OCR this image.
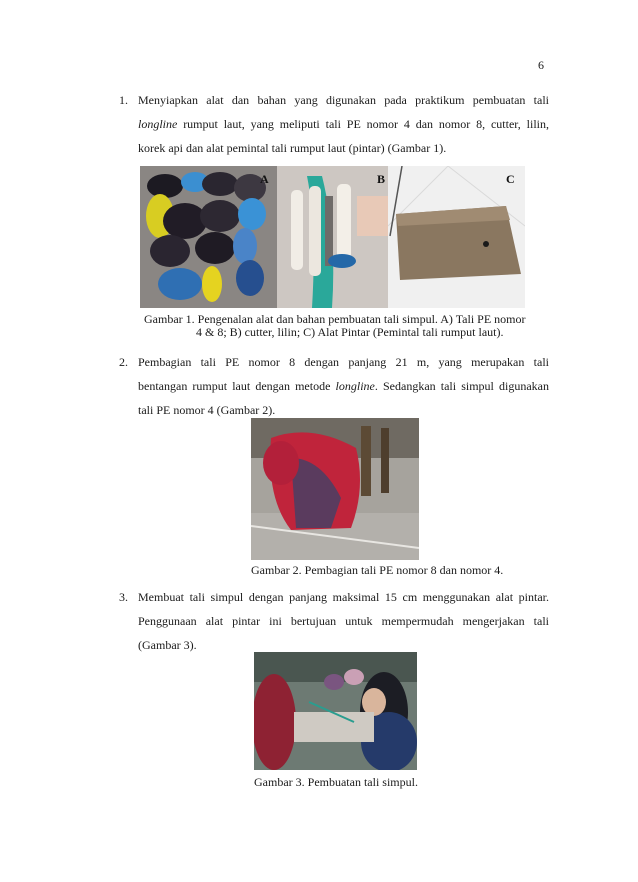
6
1. Menyiapkan alat dan bahan yang digunakan pada praktikum pembuatan tali
longline rumput laut, yang meliputi tali PE nomor 4 dan nomor 8, cutter, lilin,
korek api dan alat pemintal tali rumput laut (pintar) (Gambar 1).
A	B	C
Gambar 1. Pengenalan alat dan bahan pembuatan tali simpul. A) Tali PE nomor
4 & 8; B) cutter, lilin; C) Alat Pintar (Pemintal tali rumput laut).
2. Pembagian tali PE nomor 8 dengan panjang 21 m, yang merupakan tali
bentangan rumput laut dengan metode longline. Sedangkan tali simpul digunakan
tali PE nomor 4 (Gambar 2).
Gambar 2. Pembagian tali PE nomor 8 dan nomor 4.
3. Membuat tali simpul dengan panjang maksimal 15 cm menggunakan alat pintar.
Penggunaan alat pintar ini bertujuan untuk mempermudah mengerjakan tali
(Gambar 3).
Gambar 3. Pembuatan tali simpul.
